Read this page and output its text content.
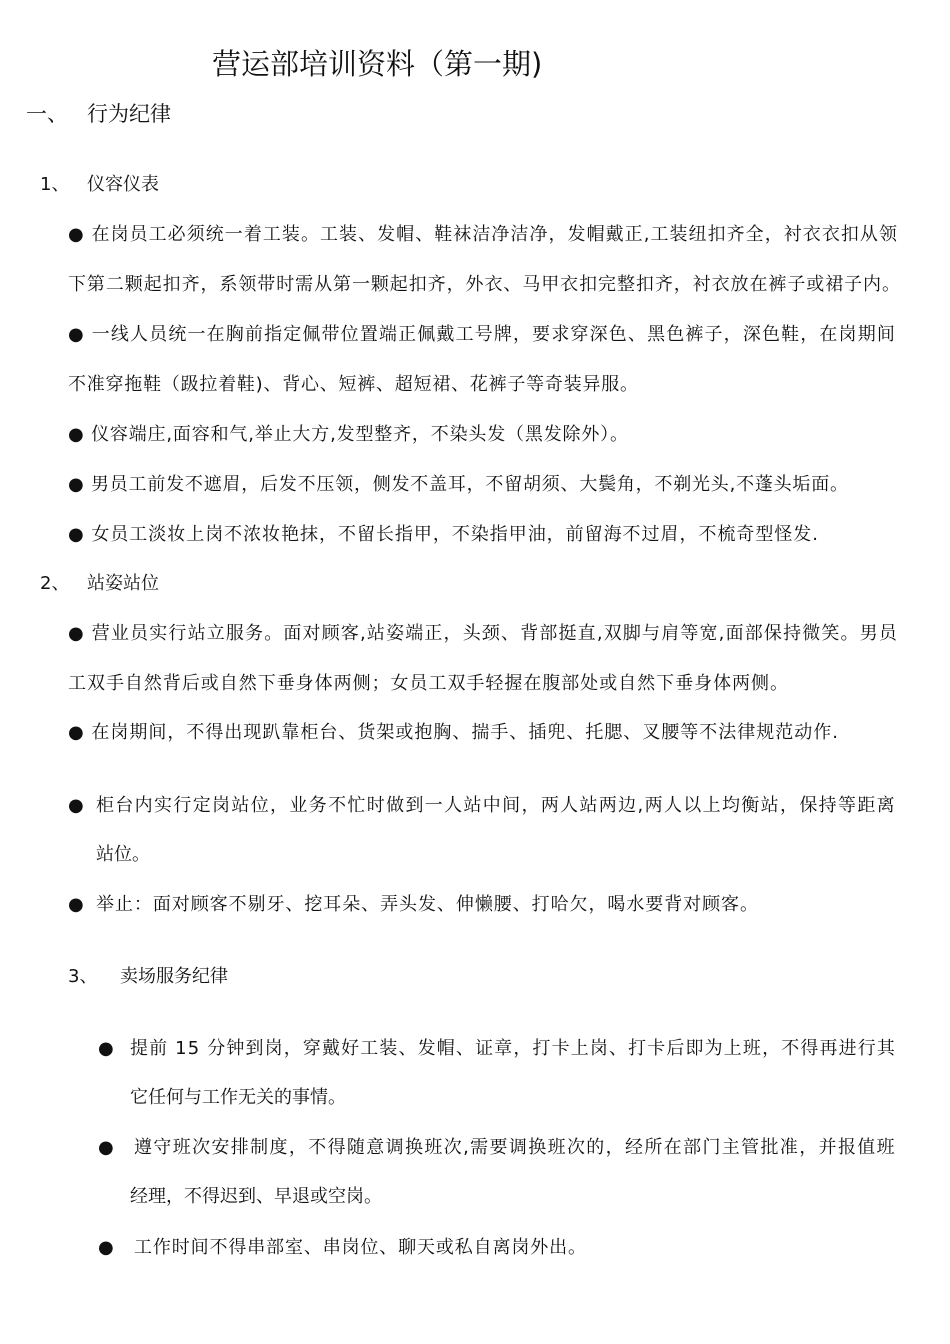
营运部培训资料（第一期)
一、 行为纪律
1、 仪容仪表
● 在岗员工必须统一着工装。工装、发帽、鞋袜洁净洁净，发帽戴正,工装纽扣齐全，衬衣衣扣从领
下第二颗起扣齐，系领带时需从第一颗起扣齐，外衣、马甲衣扣完整扣齐，衬衣放在裤子或裙子内。
● 一线人员统一在胸前指定佩带位置端正佩戴工号牌，要求穿深色、黑色裤子，深色鞋，在岗期间
不准穿拖鞋（趿拉着鞋)、背心、短裤、超短裙、花裤子等奇装异服。
● 仪容端庄,面容和气,举止大方,发型整齐，不染头发（黑发除外）。
● 男员工前发不遮眉，后发不压领，侧发不盖耳，不留胡须、大鬓角，不剃光头,不蓬头垢面。
● 女员工淡妆上岗不浓妆艳抹，不留长指甲，不染指甲油，前留海不过眉，不梳奇型怪发.
2、 站姿站位
● 营业员实行站立服务。面对顾客,站姿端正，头颈、背部挺直,双脚与肩等宽,面部保持微笑。男员
工双手自然背后或自然下垂身体两侧；女员工双手轻握在腹部处或自然下垂身体两侧。
● 在岗期间，不得出现趴靠柜台、货架或抱胸、揣手、插兜、托腮、叉腰等不法律规范动作.
● 柜台内实行定岗站位，业务不忙时做到一人站中间，两人站两边,两人以上均衡站，保持等距离
站位。
● 举止：面对顾客不剔牙、挖耳朵、弄头发、伸懒腰、打哈欠，喝水要背对顾客。
3、 卖场服务纪律
● 提前 15 分钟到岗，穿戴好工装、发帽、证章，打卡上岗、打卡后即为上班，不得再进行其
它任何与工作无关的事情。
● 遵守班次安排制度，不得随意调换班次,需要调换班次的，经所在部门主管批准，并报值班
经理，不得迟到、早退或空岗。
● 工作时间不得串部室、串岗位、聊天或私自离岗外出。
